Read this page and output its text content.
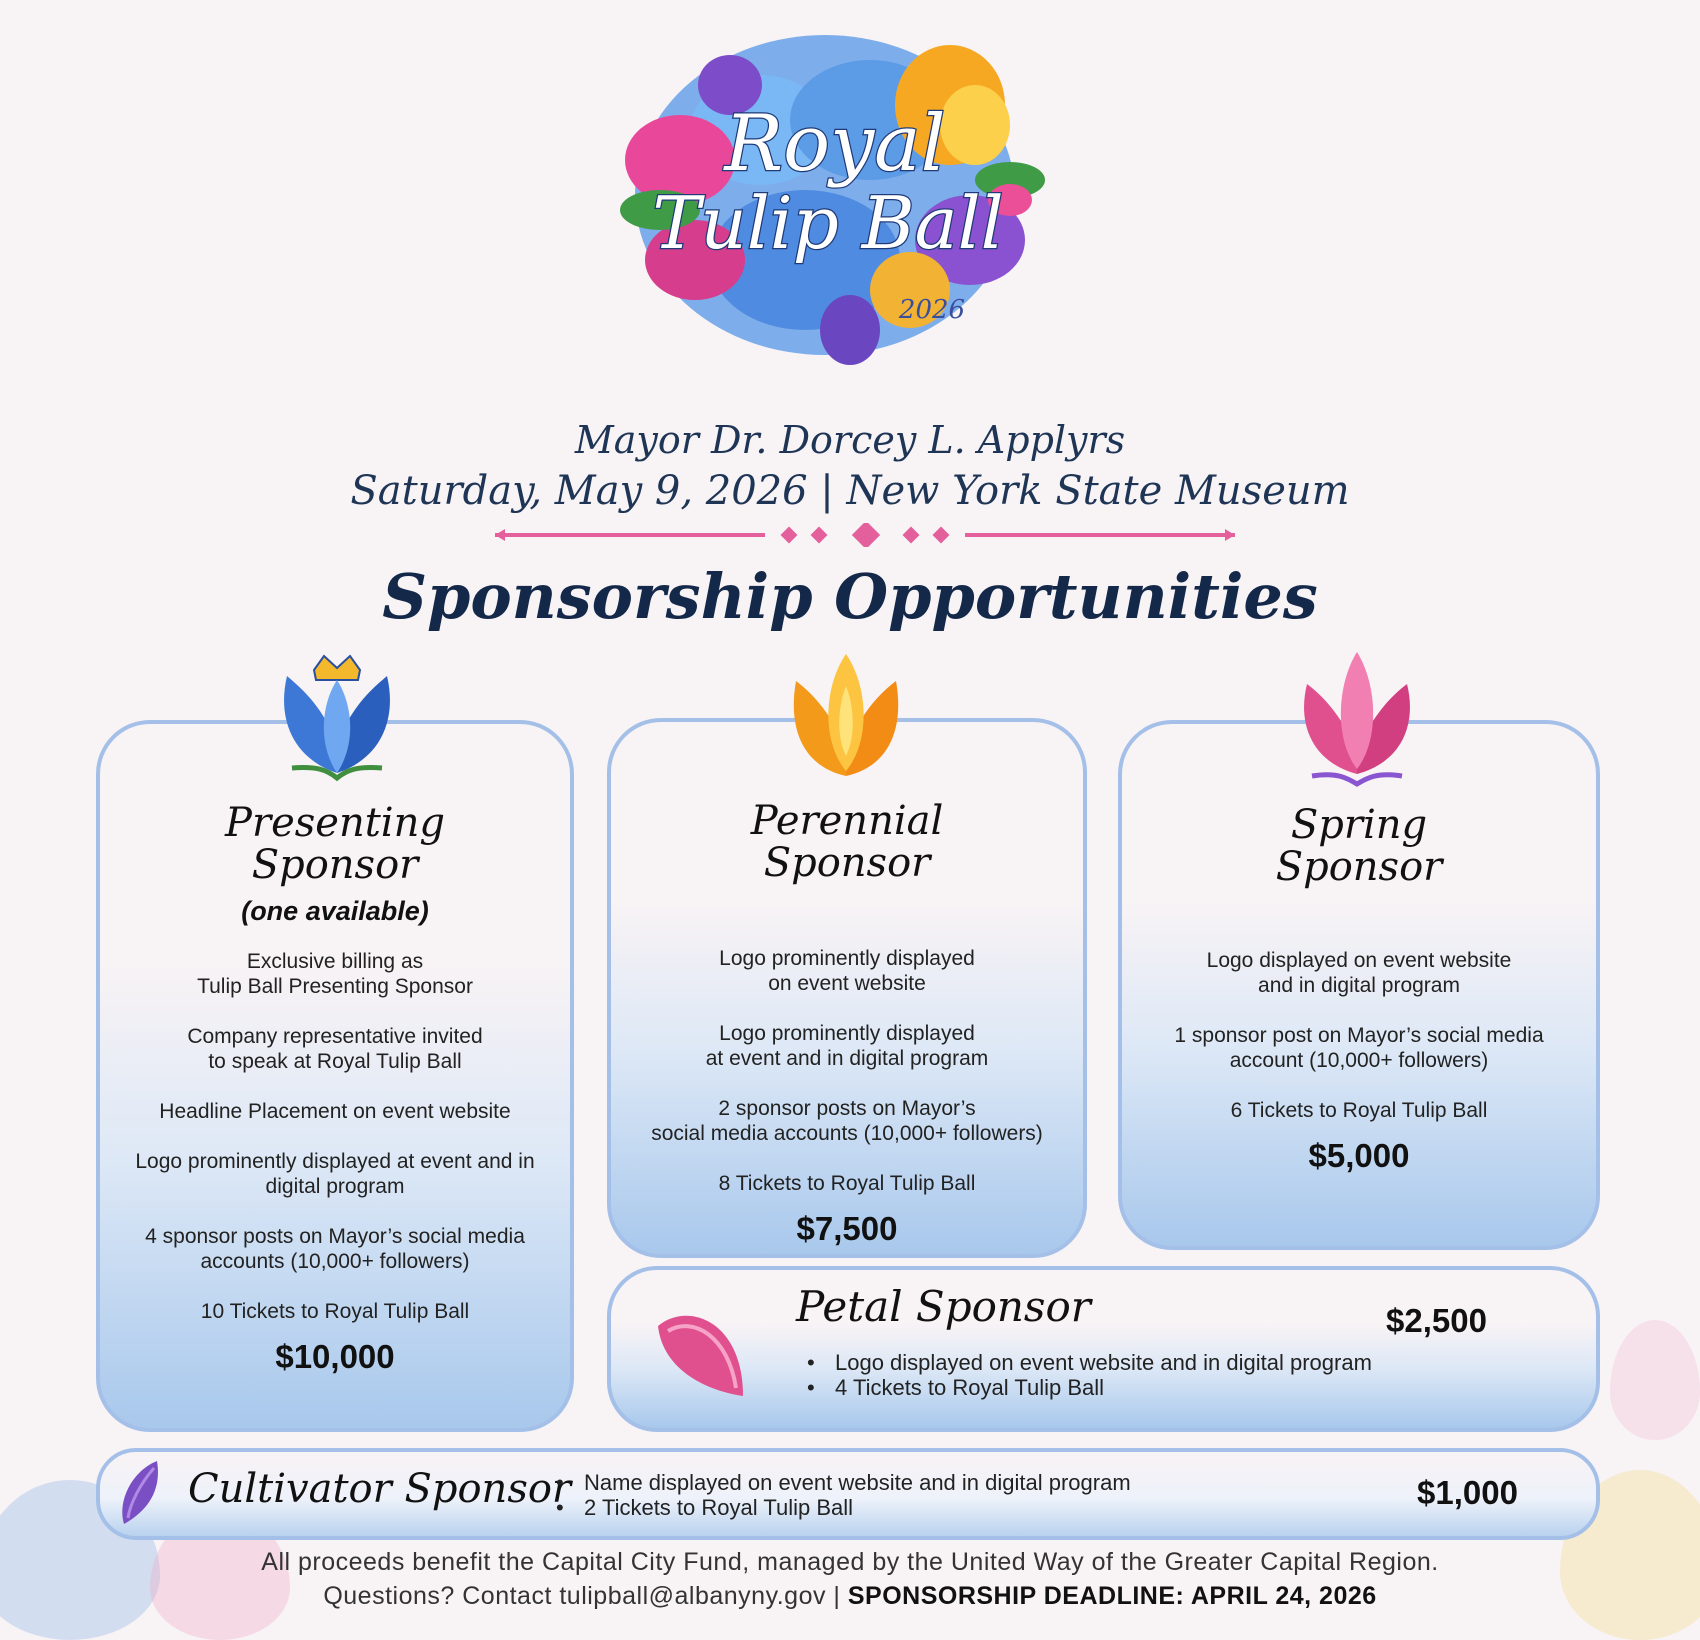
Royal
Tulip Ball
2026
Mayor Dr. Dorcey L. Applyrs
Saturday, May 9, 2026 | New York State Museum
Sponsorship Opportunities
Presenting
Sponsor
(one available)
Exclusive billing as
Tulip Ball Presenting Sponsor
Company representative invited
to speak at Royal Tulip Ball
Headline Placement on event website
Logo prominently displayed at event and in
digital program
4 sponsor posts on Mayor’s social media
accounts (10,000+ followers)
10 Tickets to Royal Tulip Ball
$10,000
Perennial
Sponsor
Logo prominently displayed
on event website
Logo prominently displayed
at event and in digital program
2 sponsor posts on Mayor’s
social media accounts (10,000+ followers)
8 Tickets to Royal Tulip Ball
$7,500
Spring
Sponsor
Logo displayed on event website
and in digital program
1 sponsor post on Mayor’s social media
account (10,000+ followers)
6 Tickets to Royal Tulip Ball
$5,000
Petal Sponsor	$2,500
• Logo displayed on event website and in digital program
• 4 Tickets to Royal Tulip Ball
Cultivator Sponsor
• Name displayed on event website and in digital program
• 2 Tickets to Royal Tulip Ball	$1,000
All proceeds benefit the Capital City Fund, managed by the United Way of the Greater Capital Region.
Questions? Contact tulipball@albanyny.gov | SPONSORSHIP DEADLINE: APRIL 24, 2026
